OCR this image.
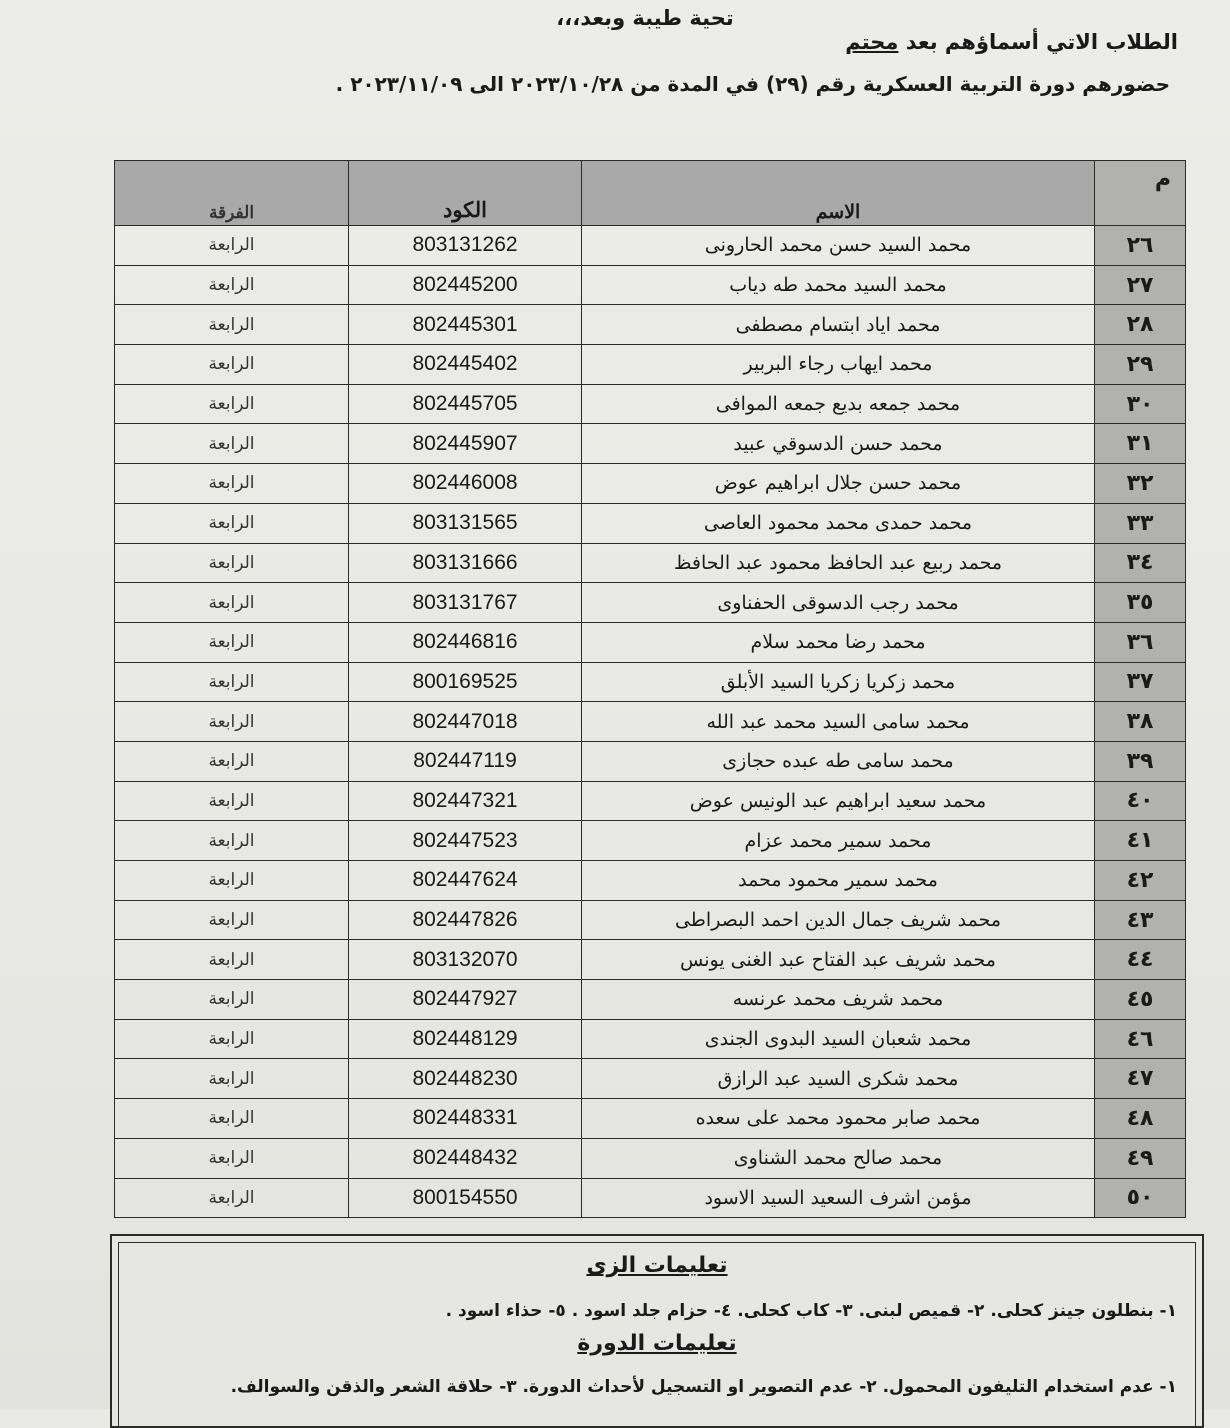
تحية طيبة وبعد،،،
الطلاب الاتي أسماؤهم بعد محتم
حضورهم دورة التربية العسكرية رقم (٢٩) في المدة من ٢٠٢٣/١٠/٢٨ الى ٢٠٢٣/١١/٠٩ .
م	الاسم	الكود	الفرقة
٢٦	محمد السيد حسن محمد الحارونى	803131262	الرابعة
٢٧	محمد السيد محمد طه دياب	802445200	الرابعة
٢٨	محمد اياد ابتسام مصطفى	802445301	الرابعة
٢٩	محمد ايهاب رجاء البربير	802445402	الرابعة
٣٠	محمد جمعه بديع جمعه الموافى	802445705	الرابعة
٣١	محمد حسن الدسوقي عبيد	802445907	الرابعة
٣٢	محمد حسن جلال ابراهيم عوض	802446008	الرابعة
٣٣	محمد حمدى محمد محمود العاصى	803131565	الرابعة
٣٤	محمد ربيع عبد الحافظ محمود عبد الحافظ	803131666	الرابعة
٣٥	محمد رجب الدسوقى الحفناوى	803131767	الرابعة
٣٦	محمد رضا محمد سلام	802446816	الرابعة
٣٧	محمد زكريا زكريا السيد الأبلق	800169525	الرابعة
٣٨	محمد سامى السيد محمد عبد الله	802447018	الرابعة
٣٩	محمد سامى طه عبده حجازى	802447119	الرابعة
٤٠	محمد سعيد ابراهيم عبد الونيس عوض	802447321	الرابعة
٤١	محمد سمير محمد عزام	802447523	الرابعة
٤٢	محمد سمير محمود محمد	802447624	الرابعة
٤٣	محمد شريف جمال الدين احمد البصراطى	802447826	الرابعة
٤٤	محمد شريف عبد الفتاح عبد الغنى يونس	803132070	الرابعة
٤٥	محمد شريف محمد عرنسه	802447927	الرابعة
٤٦	محمد شعبان السيد البدوى الجندى	802448129	الرابعة
٤٧	محمد شكرى السيد عبد الرازق	802448230	الرابعة
٤٨	محمد صابر محمود محمد على سعده	802448331	الرابعة
٤٩	محمد صالح محمد الشناوى	802448432	الرابعة
٥٠	مؤمن اشرف السعيد السيد الاسود	800154550	الرابعة
تعليمات الزى
١- بنطلون جينز كحلى. ٢- قميص لبنى. ٣- كاب كحلى. ٤- حزام جلد اسود . ٥- حذاء اسود .
تعليمات الدورة
١- عدم استخدام التليفون المحمول. ٢- عدم التصوير او التسجيل لأحداث الدورة. ٣- حلاقة الشعر والذقن والسوالف.
